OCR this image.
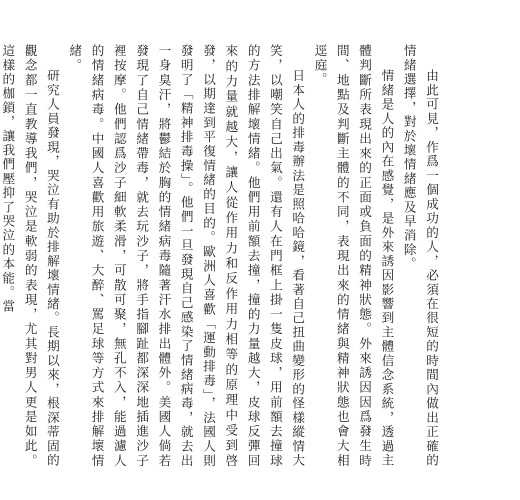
由此可見，作爲一個成功的人，必須在很短的時間內做出正確的情緒選擇，對於壞情緒應及早消除。

情緒是人的內在感覺，是外來誘因影響到主體信念系統，透過主體判斷所表現出來的正面或負面的精神狀態。外來誘因因爲發生時間、地點及判斷主體的不同，表現出來的情緒與精神狀態也會大相逕庭。

日本人的排毒辦法是照哈哈鏡，看著自己扭曲變形的怪樣縱情大笑，以嘲笑自己出氣。還有人在門框上掛一隻皮球，用前額去撞球的方法排解壞情緒。他們用前額去撞，撞的力量越大，皮球反彈回來的力量就越大，讓人從作用力和反作用力相等的原理中受到啓發，以期達到平復情緒的目的。歐洲人喜歡「運動排毒」，法國人則發明了「精神排毒操」。他們一旦發現自己感染了情緒病毒，就去出一身臭汗，將鬱結於胸的情緒病毒隨著汗水排出體外。美國人倘若發現了自己情緒帶毒，就去玩沙子，將手指腳趾都深深地插進沙子裡按摩。他們認爲沙子細軟柔滑，可散可聚，無孔不入，能過濾人的情緒病毒。中國人喜歡用旅遊、大醉、罵足球等方式來排解壞情緒。

研究人員發現，哭泣有助於排解壞情緒。長期以來，根深蒂固的觀念都一直教導我們，哭泣是軟弱的表現，尤其對男人更是如此。這樣的枷鎖，讓我們壓抑了哭泣的本能。當
